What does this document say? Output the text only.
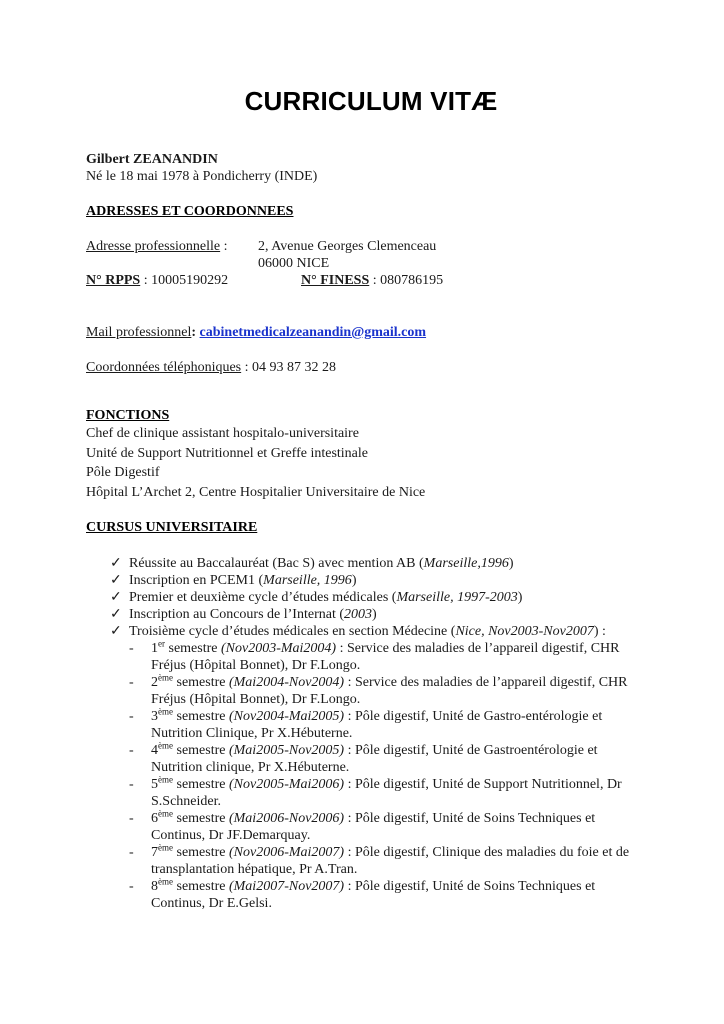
CURRICULUM VITÆ
Gilbert ZEANANDIN
Né le 18 mai 1978 à Pondicherry (INDE)
ADRESSES ET COORDONNEES
Adresse professionnelle : 2, Avenue Georges Clemenceau
06000 NICE
N° RPPS : 10005190292	N° FINESS : 080786195
Mail professionnel: cabinetmedicalzeanandin@gmail.com
Coordonnées téléphoniques : 04 93 87 32 28
FONCTIONS
Chef de clinique assistant hospitalo-universitaire
Unité de Support Nutritionnel et Greffe intestinale
Pôle Digestif
Hôpital L’Archet 2, Centre Hospitalier Universitaire de Nice
CURSUS UNIVERSITAIRE
✓ Réussite au Baccalauréat (Bac S) avec mention AB (Marseille,1996)
✓ Inscription en PCEM1 (Marseille, 1996)
✓ Premier et deuxième cycle d’études médicales (Marseille, 1997-2003)
✓ Inscription au Concours de l’Internat (2003)
✓ Troisième cycle d’études médicales en section Médecine (Nice, Nov2003-Nov2007) :
- 1er semestre (Nov2003-Mai2004) : Service des maladies de l’appareil digestif, CHR Fréjus (Hôpital Bonnet), Dr F.Longo.
- 2ème semestre (Mai2004-Nov2004) : Service des maladies de l’appareil digestif, CHR Fréjus (Hôpital Bonnet), Dr F.Longo.
- 3ème semestre (Nov2004-Mai2005) : Pôle digestif, Unité de Gastro-entérologie et Nutrition Clinique, Pr X.Hébuterne.
- 4ème semestre (Mai2005-Nov2005) : Pôle digestif, Unité de Gastroentérologie et Nutrition clinique, Pr X.Hébuterne.
- 5ème semestre (Nov2005-Mai2006) : Pôle digestif, Unité de Support Nutritionnel, Dr S.Schneider.
- 6ème semestre (Mai2006-Nov2006) : Pôle digestif, Unité de Soins Techniques et Continus, Dr JF.Demarquay.
- 7ème semestre (Nov2006-Mai2007) : Pôle digestif, Clinique des maladies du foie et de transplantation hépatique, Pr A.Tran.
- 8ème semestre (Mai2007-Nov2007) : Pôle digestif, Unité de Soins Techniques et Continus, Dr E.Gelsi.
